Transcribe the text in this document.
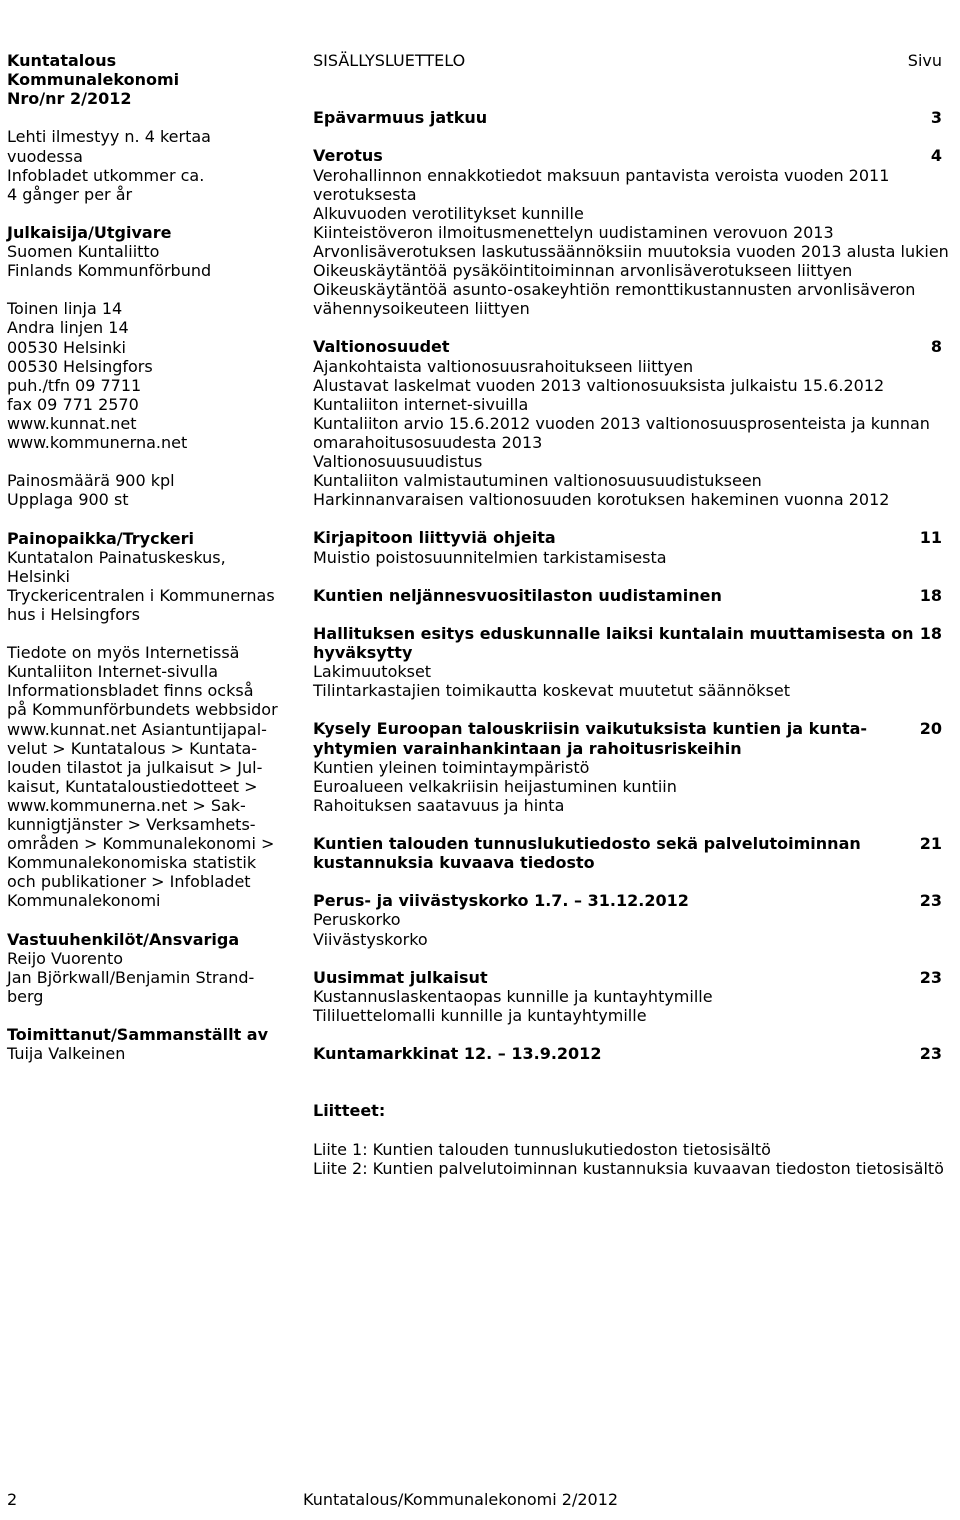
Kuntatalous
Kommunalekonomi
Nro/nr 2/2012
Lehti ilmestyy n. 4 kertaa
vuodessa
Infobladet utkommer ca.
4 gånger per år
Julkaisija/Utgivare
Suomen Kuntaliitto
Finlands Kommunförbund
Toinen linja 14
Andra linjen 14
00530 Helsinki
00530 Helsingfors
puh./tfn 09 7711
fax 09 771 2570
www.kunnat.net
www.kommunerna.net
Painosmäärä 900 kpl
Upplaga 900 st
Painopaikka/Tryckeri
Kuntatalon Painatuskeskus,
Helsinki
Tryckericentralen i Kommunernas
hus i Helsingfors
Tiedote on myös Internetissä
Kuntaliiton Internet-sivulla
Informationsbladet finns också
på Kommunförbundets webbsidor
www.kunnat.net Asiantuntijapal-
velut > Kuntatalous > Kuntata-
louden tilastot ja julkaisut > Jul-
kaisut, Kuntataloustiedotteet >
www.kommunerna.net > Sak-
kunnigtjänster > Verksamhets-
områden > Kommunalekonomi >
Kommunalekonomiska statistik
och publikationer > Infobladet
Kommunalekonomi
Vastuuhenkilöt/Ansvariga
Reijo Vuorento
Jan Björkwall/Benjamin Strand-
berg
Toimittanut/Sammanställt av
Tuija Valkeinen
SISÄLLYSLUETTELO	Sivu
Epävarmuus jatkuu	3
Verotus	4
Verohallinnon ennakkotiedot maksuun pantavista veroista vuoden 2011
verotuksesta
Alkuvuoden verotilitykset kunnille
Kiinteistöveron ilmoitusmenettelyn uudistaminen verovuon 2013
Arvonlisäverotuksen laskutussäännöksiin muutoksia vuoden 2013 alusta lukien
Oikeuskäytäntöä pysäköintitoiminnan arvonlisäverotukseen liittyen
Oikeuskäytäntöä asunto-osakeyhtiön remonttikustannusten arvonlisäveron
vähennysoikeuteen liittyen
Valtionosuudet	8
Ajankohtaista valtionosuusrahoitukseen liittyen
Alustavat laskelmat vuoden 2013 valtionosuuksista julkaistu 15.6.2012
Kuntaliiton internet-sivuilla
Kuntaliiton arvio 15.6.2012 vuoden 2013 valtionosuusprosenteista ja kunnan
omarahoitusosuudesta 2013
Valtionosuusuudistus
Kuntaliiton valmistautuminen valtionosuusuudistukseen
Harkinnanvaraisen valtionosuuden korotuksen hakeminen vuonna 2012
Kirjapitoon liittyviä ohjeita	11
Muistio poistosuunnitelmien tarkistamisesta
Kuntien neljännesvuositilaston uudistaminen	18
Hallituksen esitys eduskunnalle laiksi kuntalain muuttamisesta on 18
hyväksytty
Lakimuutokset
Tilintarkastajien toimikautta koskevat muutetut säännökset
Kysely Euroopan talouskriisin vaikutuksista kuntien ja kunta-	20
yhtymien varainhankintaan ja rahoitusriskeihin
Kuntien yleinen toimintaympäristö
Euroalueen velkakriisin heijastuminen kuntiin
Rahoituksen saatavuus ja hinta
Kuntien talouden tunnuslukutiedosto sekä palvelutoiminnan	21
kustannuksia kuvaava tiedosto
Perus- ja viivästyskorko 1.7. – 31.12.2012	23
Peruskorko
Viivästyskorko
Uusimmat julkaisut	23
Kustannuslaskentaopas kunnille ja kuntayhtymille
Tililuettelomalli kunnille ja kuntayhtymille
Kuntamarkkinat 12. – 13.9.2012	23
Liitteet:
Liite 1: Kuntien talouden tunnuslukutiedoston tietosisältö
Liite 2: Kuntien palvelutoiminnan kustannuksia kuvaavan tiedoston tietosisältö
2	Kuntatalous/Kommunalekonomi 2/2012
